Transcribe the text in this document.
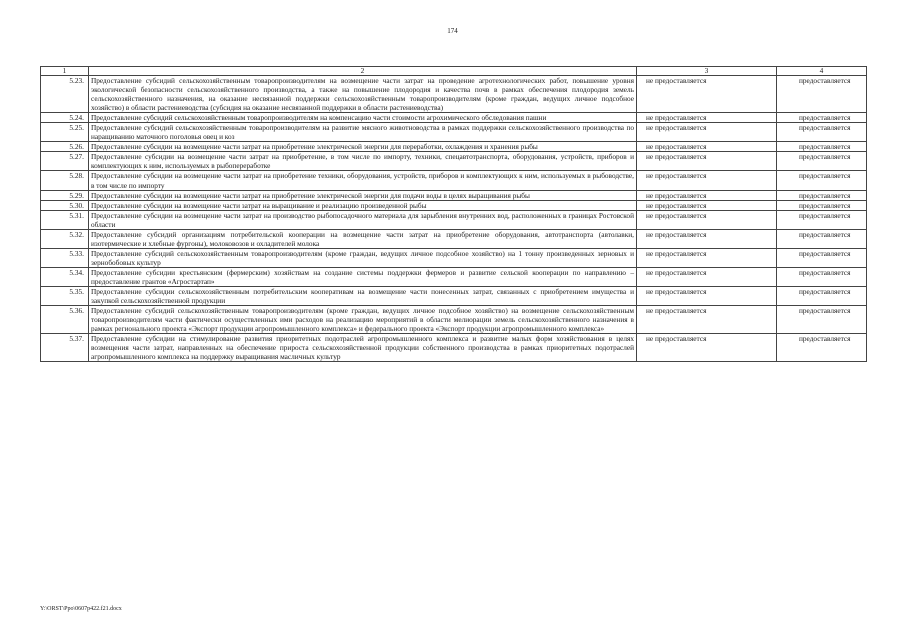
174
1	2	3	4
5.23.	Предоставление субсидий сельскохозяйственным товаропроизводителям на возмещение части затрат на проведение агротехнологических работ, повышение уровня экологической безопасности сельскохозяйственного производства, а также на повышение плодородия и качества почв в рамках обеспечения плодородия земель сельскохозяйственного назначения, на оказание несвязанной поддержки сельскохозяйственным товаропроизводителям (кроме граждан, ведущих личное подсобное хозяйство) в области растениеводства (субсидия на оказание несвязанной поддержки в области растениеводства)	не предоставляется	предоставляется
5.24.	Предоставление субсидий сельскохозяйственным товаропроизводителям на компенсацию части стоимости агрохимического обследования пашни	не предоставляется	предоставляется
5.25.	Предоставление субсидий сельскохозяйственным товаропроизводителям на развитие мясного животноводства в рамках поддержки сельскохозяйственного производства по наращиванию маточного поголовья овец и коз	не предоставляется	предоставляется
5.26.	Предоставление субсидии на возмещение части затрат на приобретение электрической энергии для переработки, охлаждения и хранения рыбы	не предоставляется	предоставляется
5.27.	Предоставление субсидии на возмещение части затрат на приобретение, в том числе по импорту, техники, спецавтотранспорта, оборудования, устройств, приборов и комплектующих к ним, используемых в рыбопереработке	не предоставляется	предоставляется
5.28.	Предоставление субсидии на возмещение части затрат на приобретение техники, оборудования, устройств, приборов и комплектующих к ним, используемых в рыбоводстве, в том числе по импорту	не предоставляется	предоставляется
5.29.	Предоставление субсидии на возмещение части затрат на приобретение электрической энергии для подачи воды в целях выращивания рыбы	не предоставляется	предоставляется
5.30.	Предоставление субсидии на возмещение части затрат на выращивание и реализацию произведенной рыбы	не предоставляется	предоставляется
5.31.	Предоставление субсидии на возмещение части затрат на производство рыбопосадочного материала для зарыбления внутренних вод, расположенных в границах Ростовской области	не предоставляется	предоставляется
5.32.	Предоставление субсидий организациям потребительской кооперации на возмещение части затрат на приобретение оборудования, автотранспорта (автолавки, изотермические и хлебные фургоны), молоковозов и охладителей молока	не предоставляется	предоставляется
5.33.	Предоставление субсидий сельскохозяйственным товаропроизводителям (кроме граждан, ведущих личное подсобное хозяйство) на 1 тонну произведенных зерновых и зернобобовых культур	не предоставляется	предоставляется
5.34.	Предоставление субсидии крестьянским (фермерским) хозяйствам на создание системы поддержки фермеров и развитие сельской кооперации по направлению – предоставление грантов «Агростартап»	не предоставляется	предоставляется
5.35.	Предоставление субсидии сельскохозяйственным потребительским кооперативам на возмещение части понесенных затрат, связанных с приобретением имущества и закупкой сельскохозяйственной продукции	не предоставляется	предоставляется
5.36.	Предоставление субсидий сельскохозяйственным товаропроизводителям (кроме граждан, ведущих личное подсобное хозяйство) на возмещение сельскохозяйственным товаропроизводителям части фактически осуществленных ими расходов на реализацию мероприятий в области мелиорации земель сельскохозяйственного назначения в рамках регионального проекта «Экспорт продукции агропромышленного комплекса» и федерального проекта «Экспорт продукции агропромышленного комплекса»	не предоставляется	предоставляется
5.37.	Предоставление субсидии на стимулирование развития приоритетных подотраслей агропромышленного комплекса и развитие малых форм хозяйствования в целях возмещения части затрат, направленных на обеспечение прироста сельскохозяйственной продукции собственного производства в рамках приоритетных подотраслей агропромышленного комплекса на поддержку выращивания масличных культур	не предоставляется	предоставляется
Y:\ORST\Ppo\0607p422.f21.docx
